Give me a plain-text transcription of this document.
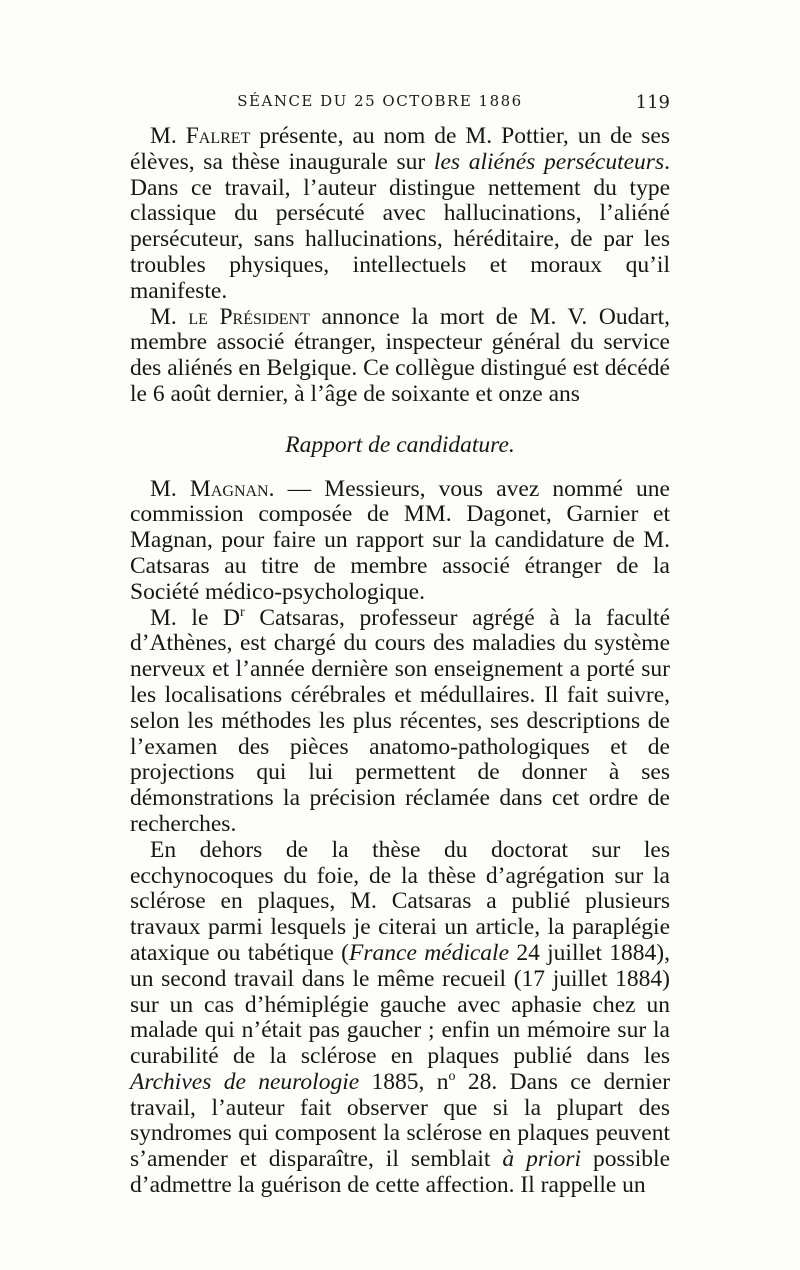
SÉANCE DU 25 OCTOBRE 1886	119

M. Falret présente, au nom de M. Pottier, un de ses élèves, sa thèse inaugurale sur les aliénés persécuteurs. Dans ce travail, l’auteur distingue nettement du type classique du persécuté avec hallucinations, l’aliéné persécuteur, sans hallucinations, héréditaire, de par les troubles physiques, intellectuels et moraux qu’il manifeste.

M. le Président annonce la mort de M. V. Oudart, membre associé étranger, inspecteur général du service des aliénés en Belgique. Ce collègue distingué est décédé le 6 août dernier, à l’âge de soixante et onze ans

Rapport de candidature.

M. Magnan. — Messieurs, vous avez nommé une commission composée de MM. Dagonet, Garnier et Magnan, pour faire un rapport sur la candidature de M. Catsaras au titre de membre associé étranger de la Société médico-psychologique.

M. le $D^r$ Catsaras, professeur agrégé à la faculté d’Athènes, est chargé du cours des maladies du système nerveux et l’année dernière son enseignement a porté sur les localisations cérébrales et médullaires. Il fait suivre, selon les méthodes les plus récentes, ses descriptions de l’examen des pièces anatomo-pathologiques et de projections qui lui permettent de donner à ses démonstrations la précision réclamée dans cet ordre de recherches.

En dehors de la thèse du doctorat sur les ecchynocoques du foie, de la thèse d’agrégation sur la sclérose en plaques, M. Catsaras a publié plusieurs travaux parmi lesquels je citerai un article, la paraplégie ataxique ou tabétique (France médicale 24 juillet 1884), un second travail dans le même recueil (17 juillet 1884) sur un cas d’hémiplégie gauche avec aphasie chez un malade qui n’était pas gaucher ; enfin un mémoire sur la curabilité de la sclérose en plaques publié dans les Archives de neurologie 1885, $n^o$ 28. Dans ce dernier travail, l’auteur fait observer que si la plupart des syndromes qui composent la sclérose en plaques peuvent s’amender et disparaître, il semblait à priori possible d’admettre la guérison de cette affection. Il rappelle un
